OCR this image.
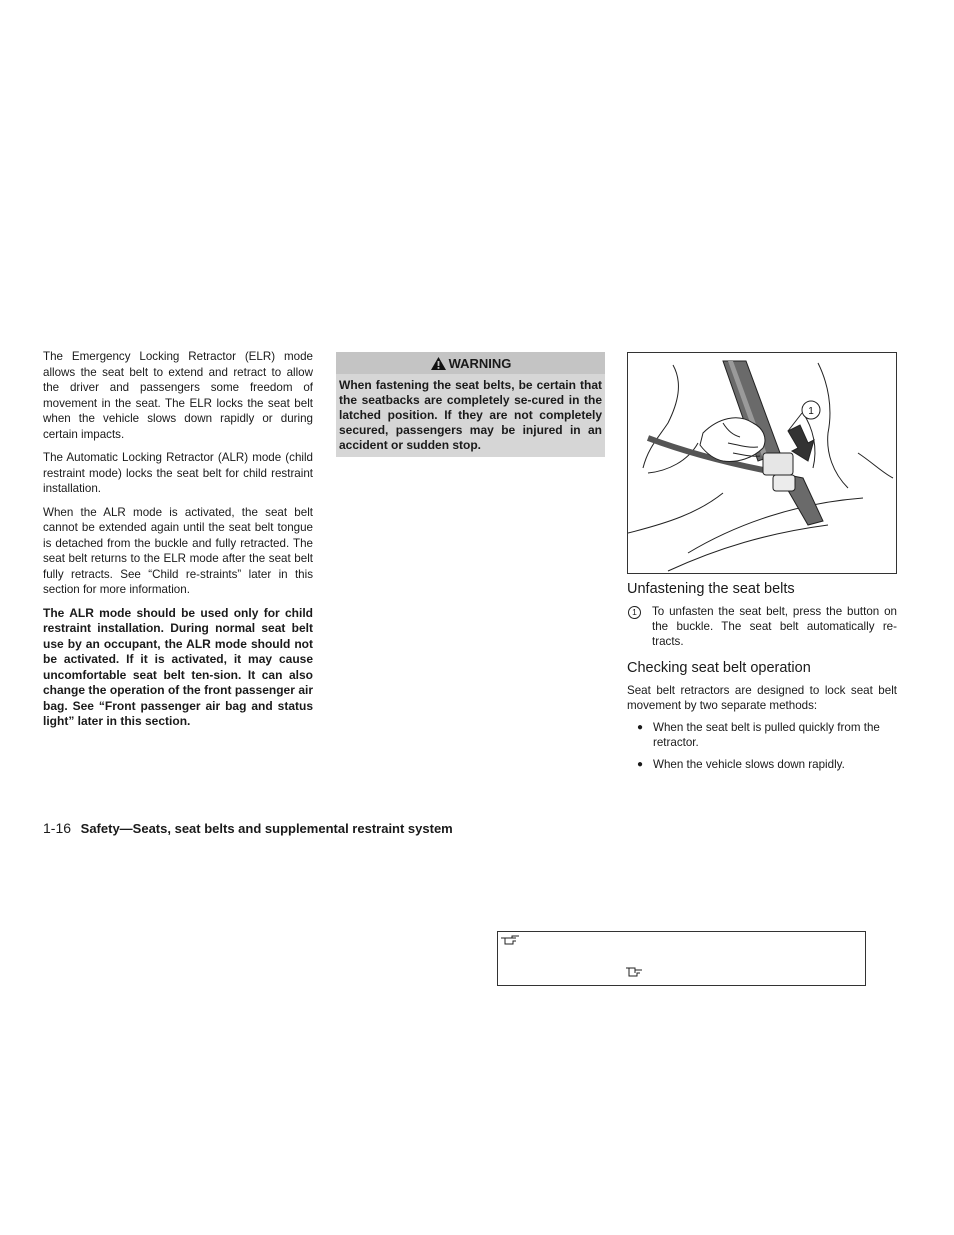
The Emergency Locking Retractor (ELR) mode allows the seat belt to extend and retract to allow the driver and passengers some freedom of movement in the seat. The ELR locks the seat belt when the vehicle slows down rapidly or during certain impacts.

The Automatic Locking Retractor (ALR) mode (child restraint mode) locks the seat belt for child restraint installation.

When the ALR mode is activated, the seat belt cannot be extended again until the seat belt tongue is detached from the buckle and fully retracted. The seat belt returns to the ELR mode after the seat belt fully retracts. See “Child re-straints” later in this section for more information.

The ALR mode should be used only for child restraint installation. During normal seat belt use by an occupant, the ALR mode should not be activated. If it is activated, it may cause uncomfortable seat belt ten-sion. It can also change the operation of the front passenger air bag. See “Front passenger air bag and status light” later in this section.

WARNING
When fastening the seat belts, be certain that the seatbacks are completely se-cured in the latched position. If they are not completely secured, passengers may be injured in an accident or sudden stop.
1
Unfastening the seat belts
1	To unfasten the seat belt, press the button on the buckle. The seat belt automatically re-tracts.
Checking seat belt operation

Seat belt retractors are designed to lock seat belt movement by two separate methods:

● When the seat belt is pulled quickly from the retractor.
● When the vehicle slows down rapidly.
1-16 Safety—Seats, seat belts and supplemental restraint system
